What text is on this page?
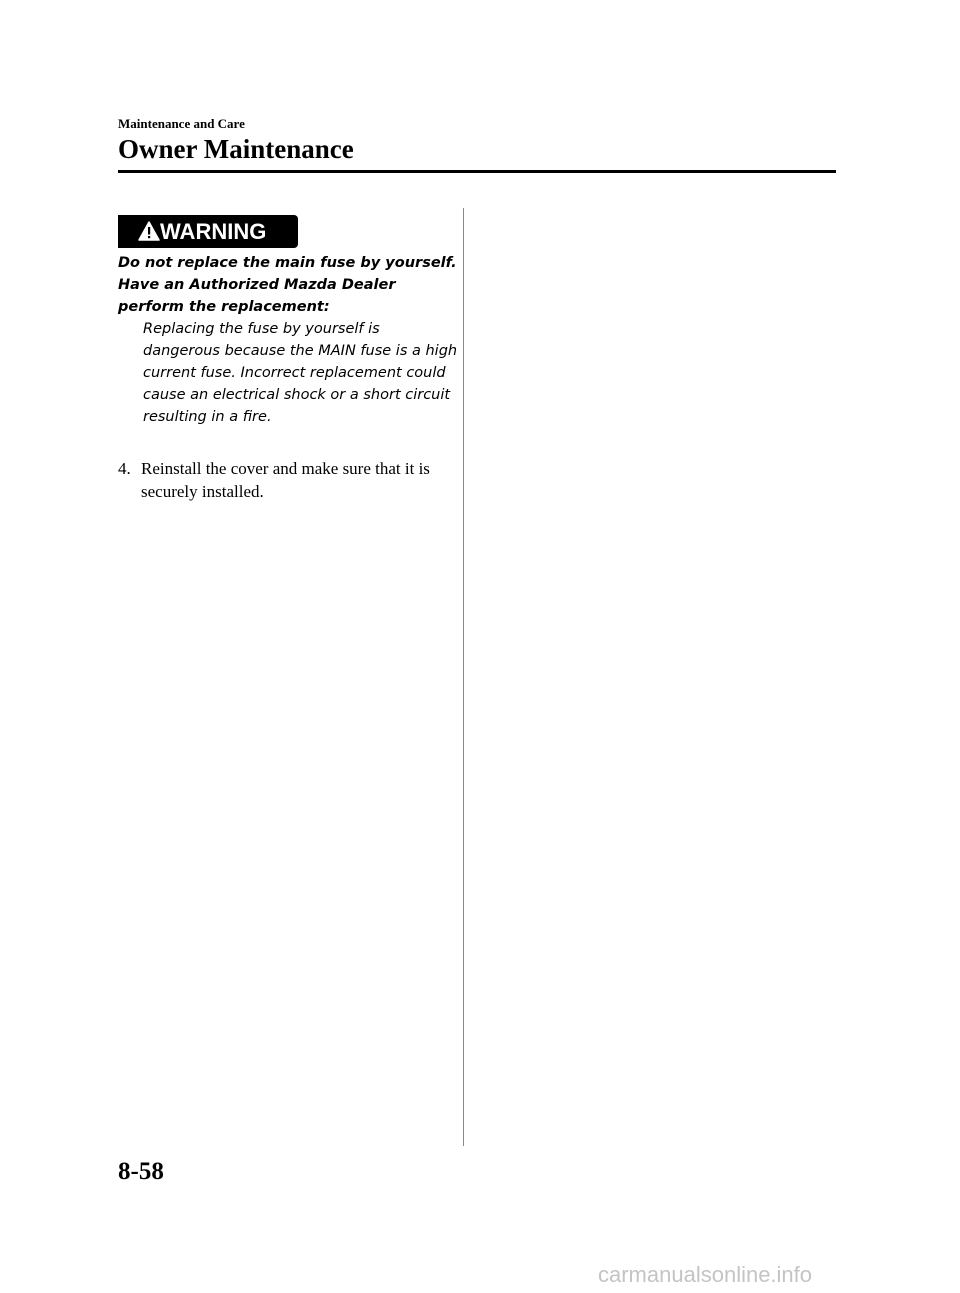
Maintenance and Care
Owner Maintenance
WARNING

Do not replace the main fuse by yourself. Have an Authorized Mazda Dealer perform the replacement:

Replacing the fuse by yourself is dangerous because the MAIN fuse is a high current fuse. Incorrect replacement could cause an electrical shock or a short circuit resulting in a fire.

4. Reinstall the cover and make sure that it is securely installed.
8-58
carmanualsonline.info
